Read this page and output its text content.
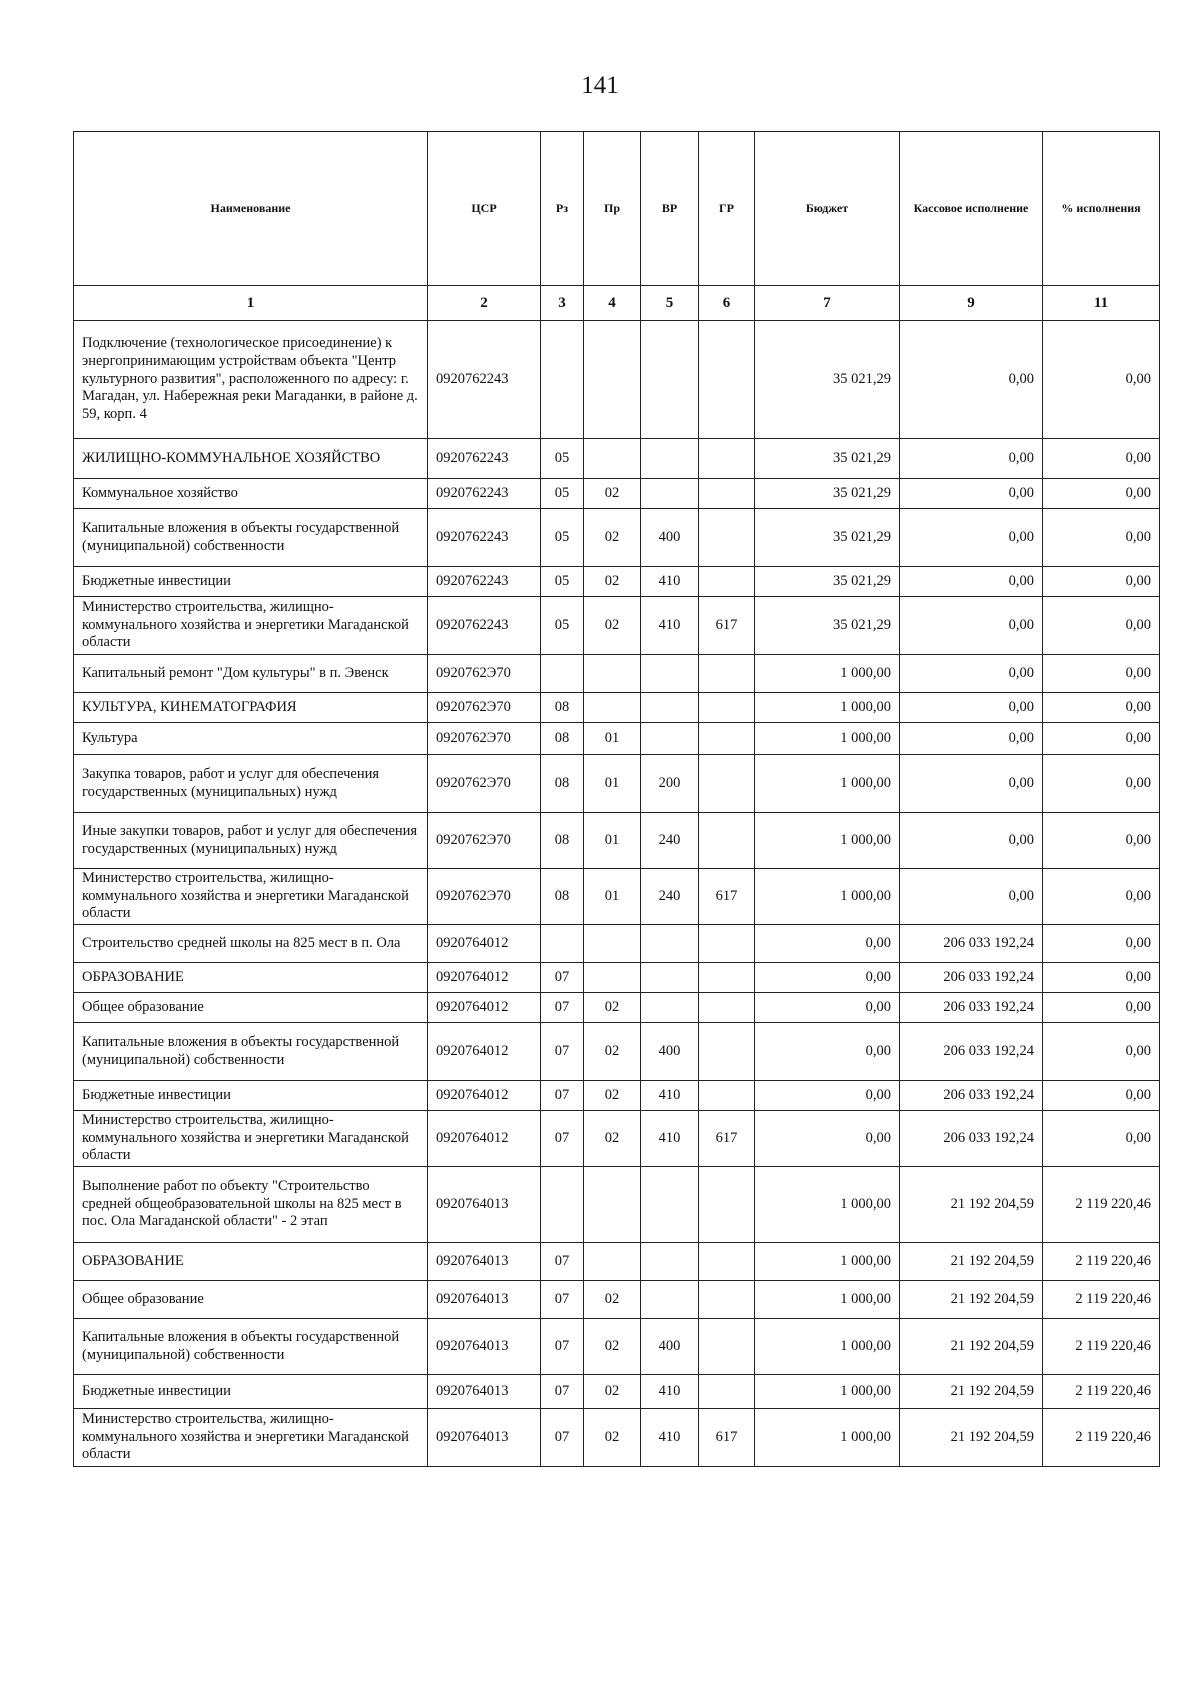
141
Наименование	ЦСР	Рз	Пр	ВР	ГР	Бюджет	Кассовое исполнение	% исполнения
1	2	3	4	5	6	7	9	11
Подключение (технологическое присоединение) к энергопринимающим устройствам объекта "Центр культурного развития", расположенного по адресу: г. Магадан, ул. Набережная реки Магаданки, в районе д. 59, корп. 4	0920762243					35 021,29	0,00	0,00
ЖИЛИЩНО-КОММУНАЛЬНОЕ ХОЗЯЙСТВО	0920762243	05				35 021,29	0,00	0,00
Коммунальное хозяйство	0920762243	05	02			35 021,29	0,00	0,00
Капитальные вложения в объекты государственной (муниципальной) собственности	0920762243	05	02	400		35 021,29	0,00	0,00
Бюджетные инвестиции	0920762243	05	02	410		35 021,29	0,00	0,00
Министерство строительства, жилищно-коммунального хозяйства и энергетики Магаданской области	0920762243	05	02	410	617	35 021,29	0,00	0,00
Капитальный ремонт "Дом культуры" в п. Эвенск	0920762Э70					1 000,00	0,00	0,00
КУЛЬТУРА, КИНЕМАТОГРАФИЯ	0920762Э70	08				1 000,00	0,00	0,00
Культура	0920762Э70	08	01			1 000,00	0,00	0,00
Закупка товаров, работ и услуг для обеспечения государственных (муниципальных) нужд	0920762Э70	08	01	200		1 000,00	0,00	0,00
Иные закупки товаров, работ и услуг для обеспечения государственных (муниципальных) нужд	0920762Э70	08	01	240		1 000,00	0,00	0,00
Министерство строительства, жилищно-коммунального хозяйства и энергетики Магаданской области	0920762Э70	08	01	240	617	1 000,00	0,00	0,00
Строительство средней школы на 825 мест в п. Ола	0920764012					0,00	206 033 192,24	0,00
ОБРАЗОВАНИЕ	0920764012	07				0,00	206 033 192,24	0,00
Общее образование	0920764012	07	02			0,00	206 033 192,24	0,00
Капитальные вложения в объекты государственной (муниципальной) собственности	0920764012	07	02	400		0,00	206 033 192,24	0,00
Бюджетные инвестиции	0920764012	07	02	410		0,00	206 033 192,24	0,00
Министерство строительства, жилищно-коммунального хозяйства и энергетики Магаданской области	0920764012	07	02	410	617	0,00	206 033 192,24	0,00
Выполнение работ по объекту "Строительство средней общеобразовательной школы на 825 мест в пос. Ола Магаданской области" - 2 этап	0920764013					1 000,00	21 192 204,59	2 119 220,46
ОБРАЗОВАНИЕ	0920764013	07				1 000,00	21 192 204,59	2 119 220,46
Общее образование	0920764013	07	02			1 000,00	21 192 204,59	2 119 220,46
Капитальные вложения в объекты государственной (муниципальной) собственности	0920764013	07	02	400		1 000,00	21 192 204,59	2 119 220,46
Бюджетные инвестиции	0920764013	07	02	410		1 000,00	21 192 204,59	2 119 220,46
Министерство строительства, жилищно-коммунального хозяйства и энергетики Магаданской области	0920764013	07	02	410	617	1 000,00	21 192 204,59	2 119 220,46
